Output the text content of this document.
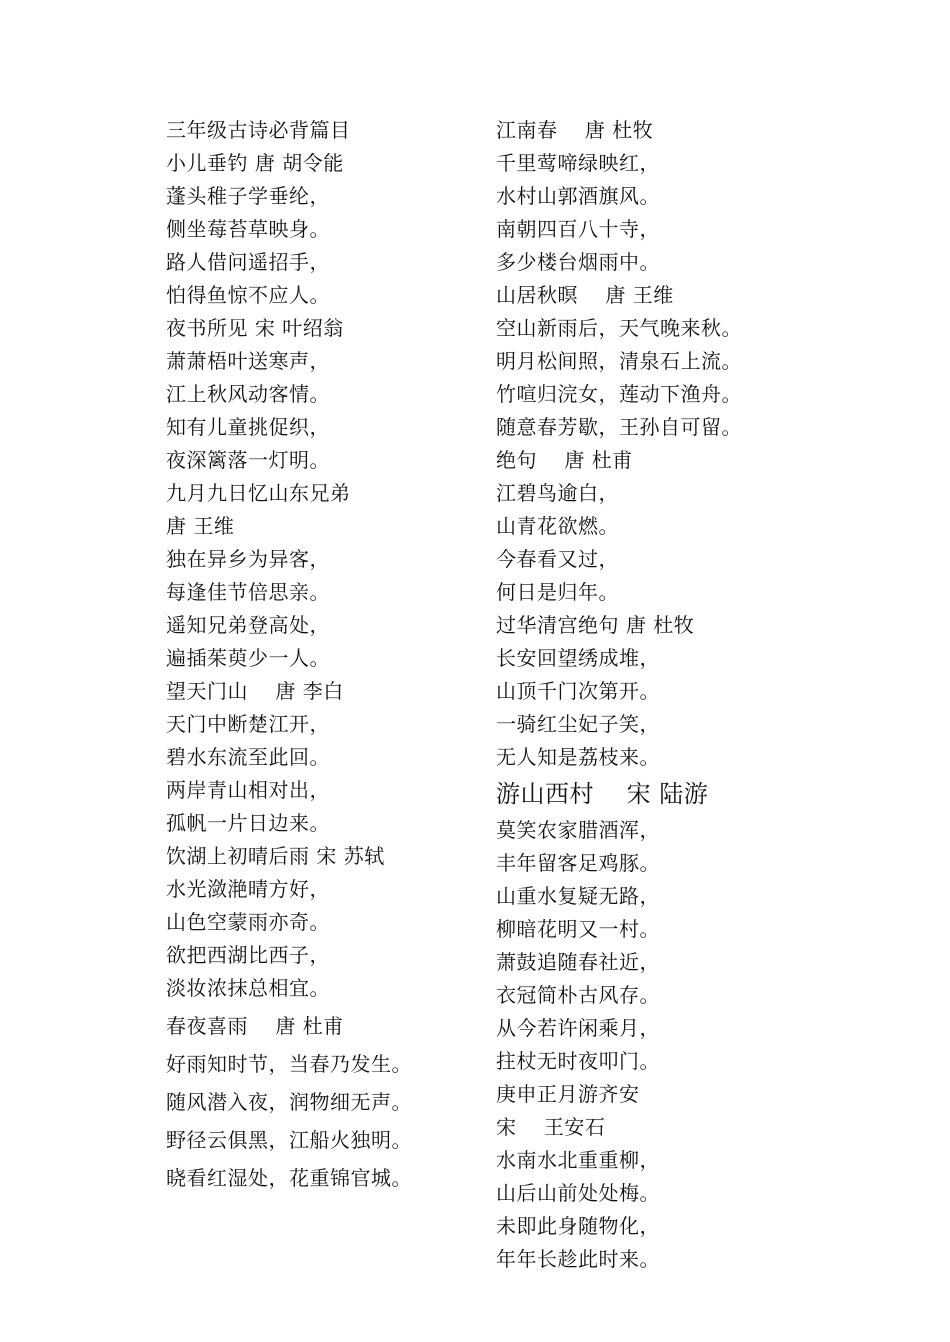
三年级古诗必背篇目
小儿垂钓 唐 胡令能
蓬头稚子学垂纶，
侧坐莓苔草映身。
路人借问遥招手，
怕得鱼惊不应人。
夜书所见 宋 叶绍翁
萧萧梧叶送寒声，
江上秋风动客情。
知有儿童挑促织，
夜深篱落一灯明。
九月九日忆山东兄弟
唐 王维
独在异乡为异客，
每逢佳节倍思亲。
遥知兄弟登高处，
遍插茱萸少一人。
望天门山 　唐 李白
天门中断楚江开，
碧水东流至此回。
两岸青山相对出，
孤帆一片日边来。
饮湖上初晴后雨 宋 苏轼
水光潋滟晴方好，
山色空蒙雨亦奇。
欲把西湖比西子，
淡妆浓抹总相宜。
春夜喜雨 　唐 杜甫
好雨知时节，当春乃发生。
随风潜入夜，润物细无声。
野径云俱黑，江船火独明。
晓看红湿处，花重锦官城。
江南春 　唐 杜牧
千里莺啼绿映红，
水村山郭酒旗风。
南朝四百八十寺，
多少楼台烟雨中。
山居秋暝 　唐 王维
空山新雨后，天气晚来秋。
明月松间照，清泉石上流。
竹喧归浣女，莲动下渔舟。
随意春芳歇，王孙自可留。
绝句 　唐 杜甫
江碧鸟逾白，
山青花欲燃。
今春看又过，
何日是归年。
过华清宫绝句 唐 杜牧
长安回望绣成堆，
山顶千门次第开。
一骑红尘妃子笑，
无人知是荔枝来。
游山西村 　宋 陆游
莫笑农家腊酒浑，
丰年留客足鸡豚。
山重水复疑无路，
柳暗花明又一村。
萧鼓追随春社近，
衣冠简朴古风存。
从今若许闲乘月，
拄杖无时夜叩门。
庚申正月游齐安
宋 　王安石
水南水北重重柳，
山后山前处处梅。
未即此身随物化，
年年长趁此时来。
